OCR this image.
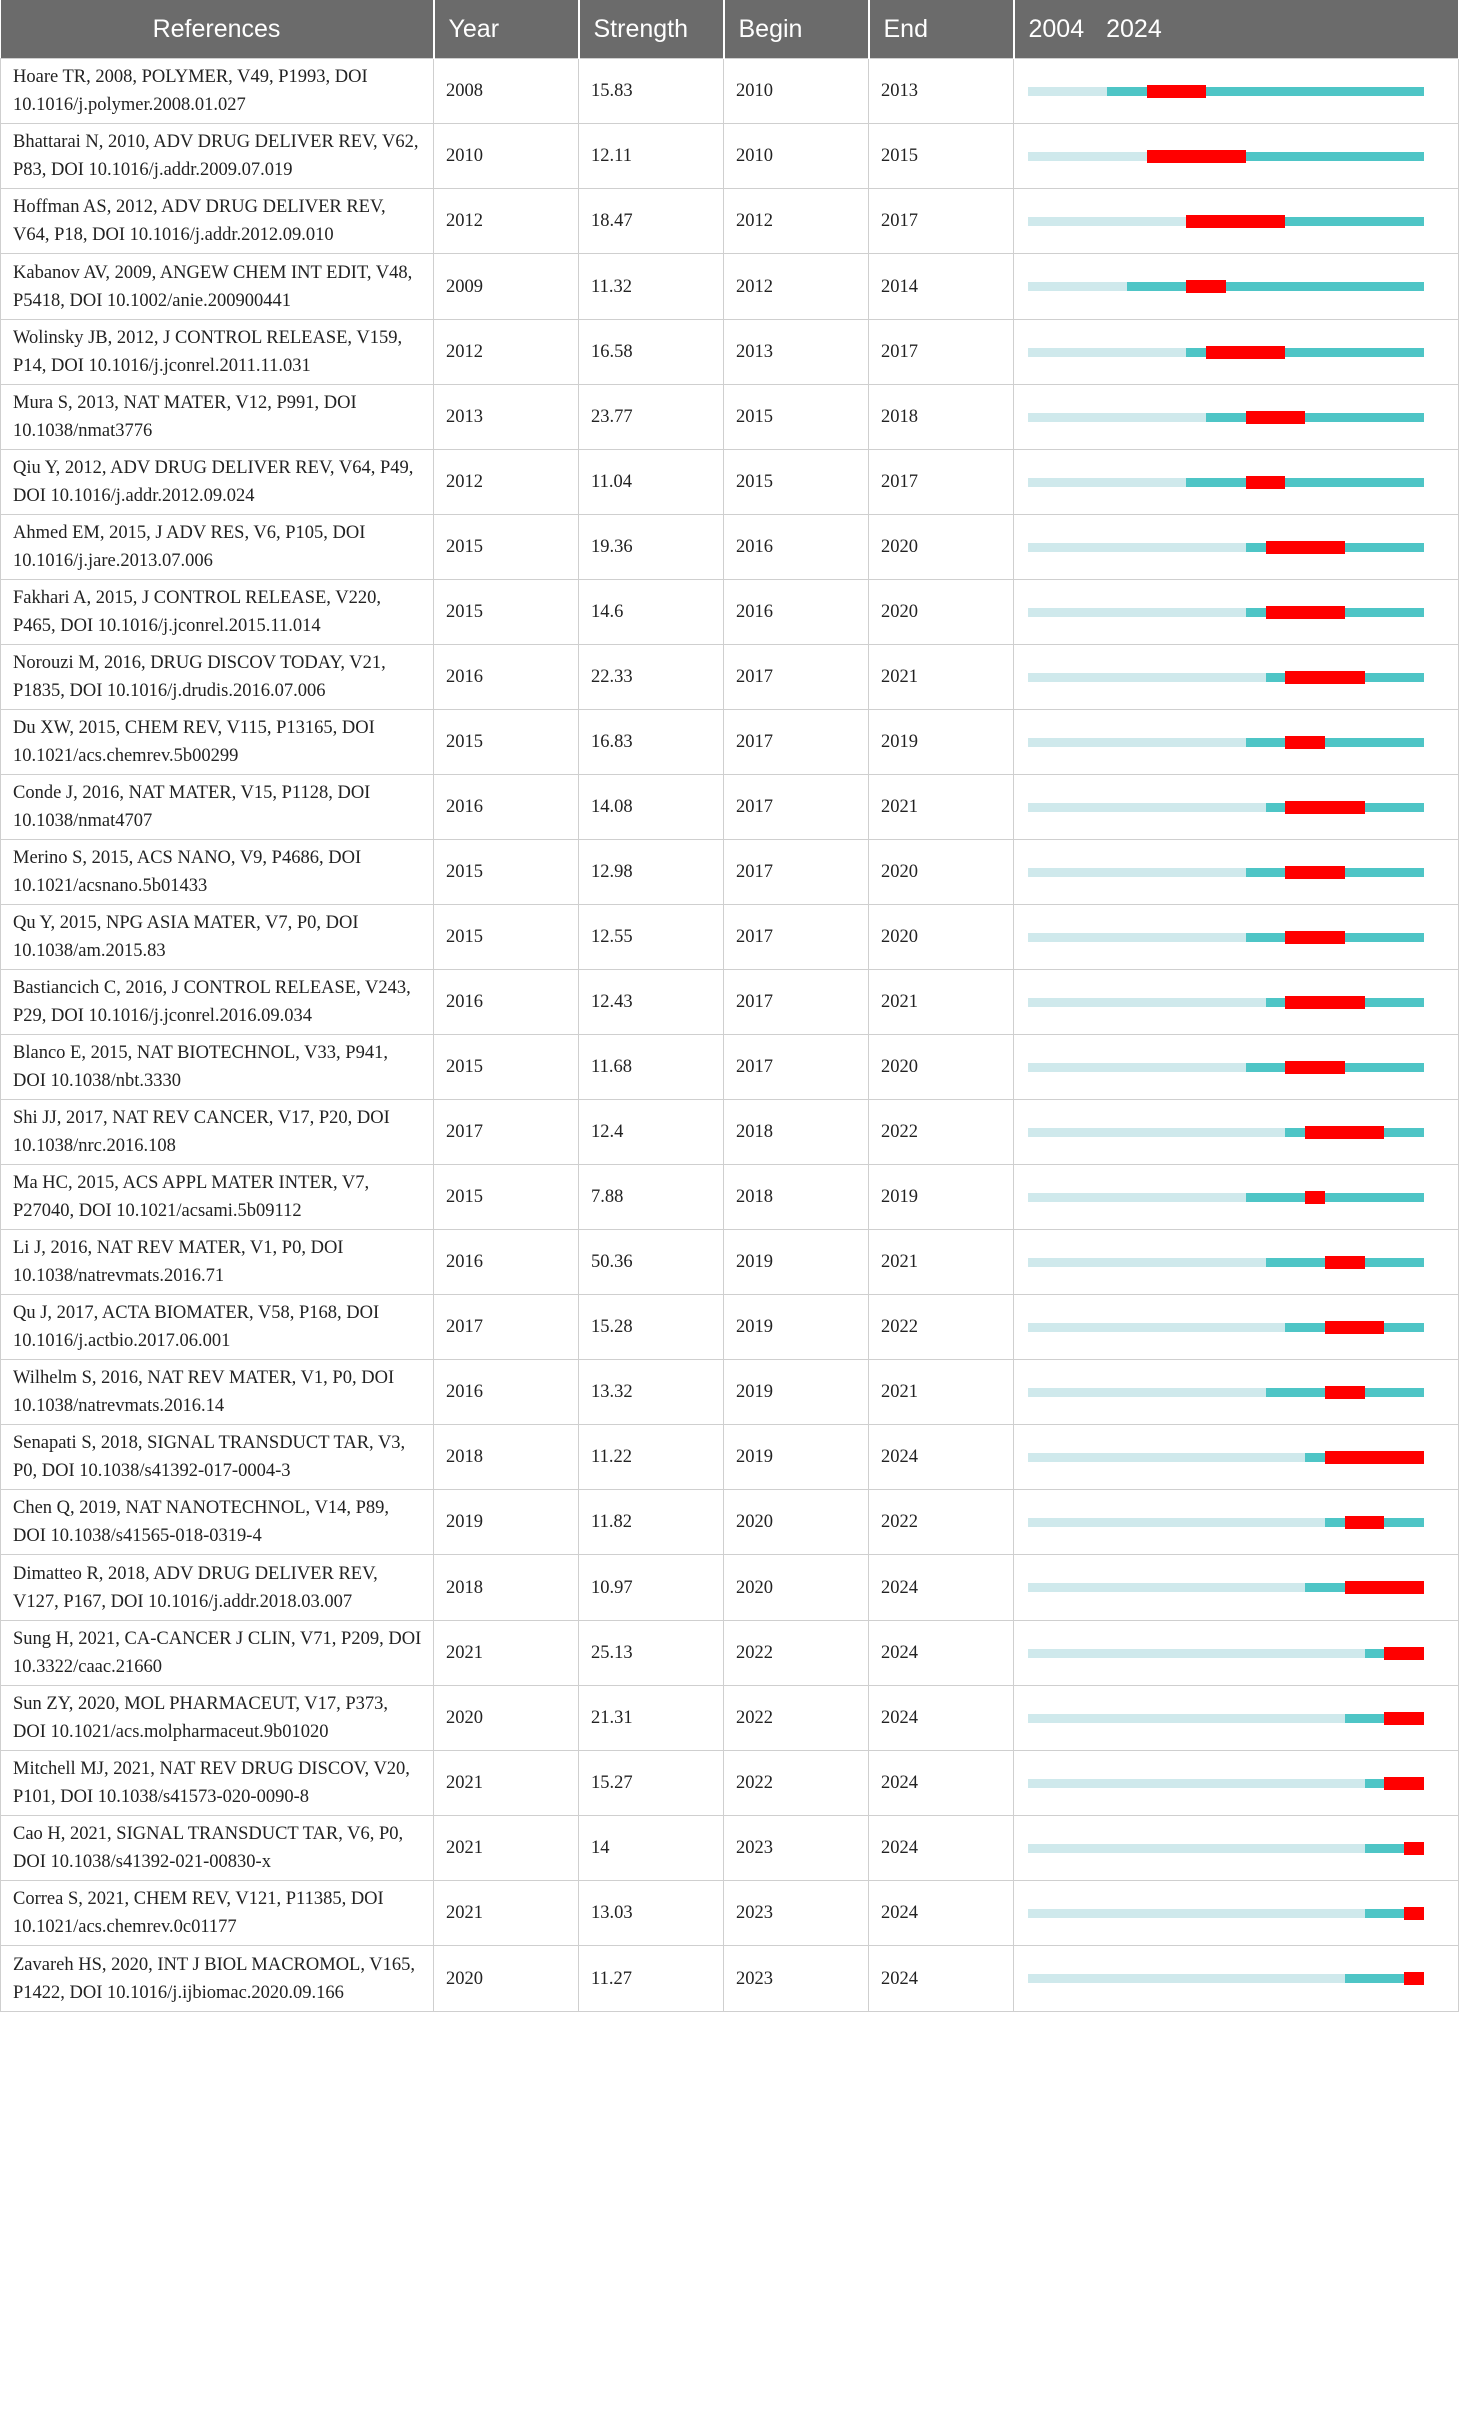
References	Year	Strength	Begin	End	2004 2024
Hoare TR, 2008, POLYMER, V49, P1993, DOI 10.1016/j.polymer.2008.01.027	2008	15.83	2010	2013	

Bhattarai N, 2010, ADV DRUG DELIVER REV, V62, P83, DOI 10.1016/j.addr.2009.07.019	2010	12.11	2010	2015	

Hoffman AS, 2012, ADV DRUG DELIVER REV, V64, P18, DOI 10.1016/j.addr.2012.09.010	2012	18.47	2012	2017	

Kabanov AV, 2009, ANGEW CHEM INT EDIT, V48, P5418, DOI 10.1002/anie.200900441	2009	11.32	2012	2014	

Wolinsky JB, 2012, J CONTROL RELEASE, V159, P14, DOI 10.1016/j.jconrel.2011.11.031	2012	16.58	2013	2017	

Mura S, 2013, NAT MATER, V12, P991, DOI 10.1038/nmat3776	2013	23.77	2015	2018	

Qiu Y, 2012, ADV DRUG DELIVER REV, V64, P49, DOI 10.1016/j.addr.2012.09.024	2012	11.04	2015	2017	

Ahmed EM, 2015, J ADV RES, V6, P105, DOI 10.1016/j.jare.2013.07.006	2015	19.36	2016	2020	

Fakhari A, 2015, J CONTROL RELEASE, V220, P465, DOI 10.1016/j.jconrel.2015.11.014	2015	14.6	2016	2020	

Norouzi M, 2016, DRUG DISCOV TODAY, V21, P1835, DOI 10.1016/j.drudis.2016.07.006	2016	22.33	2017	2021	

Du XW, 2015, CHEM REV, V115, P13165, DOI 10.1021/acs.chemrev.5b00299	2015	16.83	2017	2019	

Conde J, 2016, NAT MATER, V15, P1128, DOI 10.1038/nmat4707	2016	14.08	2017	2021	

Merino S, 2015, ACS NANO, V9, P4686, DOI 10.1021/acsnano.5b01433	2015	12.98	2017	2020	

Qu Y, 2015, NPG ASIA MATER, V7, P0, DOI 10.1038/am.2015.83	2015	12.55	2017	2020	

Bastiancich C, 2016, J CONTROL RELEASE, V243, P29, DOI 10.1016/j.jconrel.2016.09.034	2016	12.43	2017	2021	

Blanco E, 2015, NAT BIOTECHNOL, V33, P941, DOI 10.1038/nbt.3330	2015	11.68	2017	2020	

Shi JJ, 2017, NAT REV CANCER, V17, P20, DOI 10.1038/nrc.2016.108	2017	12.4	2018	2022	

Ma HC, 2015, ACS APPL MATER INTER, V7, P27040, DOI 10.1021/acsami.5b09112	2015	7.88	2018	2019	

Li J, 2016, NAT REV MATER, V1, P0, DOI 10.1038/natrevmats.2016.71	2016	50.36	2019	2021	

Qu J, 2017, ACTA BIOMATER, V58, P168, DOI 10.1016/j.actbio.2017.06.001	2017	15.28	2019	2022	

Wilhelm S, 2016, NAT REV MATER, V1, P0, DOI 10.1038/natrevmats.2016.14	2016	13.32	2019	2021	

Senapati S, 2018, SIGNAL TRANSDUCT TAR, V3, P0, DOI 10.1038/s41392-017-0004-3	2018	11.22	2019	2024	

Chen Q, 2019, NAT NANOTECHNOL, V14, P89, DOI 10.1038/s41565-018-0319-4	2019	11.82	2020	2022	

Dimatteo R, 2018, ADV DRUG DELIVER REV, V127, P167, DOI 10.1016/j.addr.2018.03.007	2018	10.97	2020	2024	

Sung H, 2021, CA-CANCER J CLIN, V71, P209, DOI 10.3322/caac.21660	2021	25.13	2022	2024	

Sun ZY, 2020, MOL PHARMACEUT, V17, P373, DOI 10.1021/acs.molpharmaceut.9b01020	2020	21.31	2022	2024	

Mitchell MJ, 2021, NAT REV DRUG DISCOV, V20, P101, DOI 10.1038/s41573-020-0090-8	2021	15.27	2022	2024	

Cao H, 2021, SIGNAL TRANSDUCT TAR, V6, P0, DOI 10.1038/s41392-021-00830-x	2021	14	2023	2024	

Correa S, 2021, CHEM REV, V121, P11385, DOI 10.1021/acs.chemrev.0c01177	2021	13.03	2023	2024	

Zavareh HS, 2020, INT J BIOL MACROMOL, V165, P1422, DOI 10.1016/j.ijbiomac.2020.09.166	2020	11.27	2023	2024	
